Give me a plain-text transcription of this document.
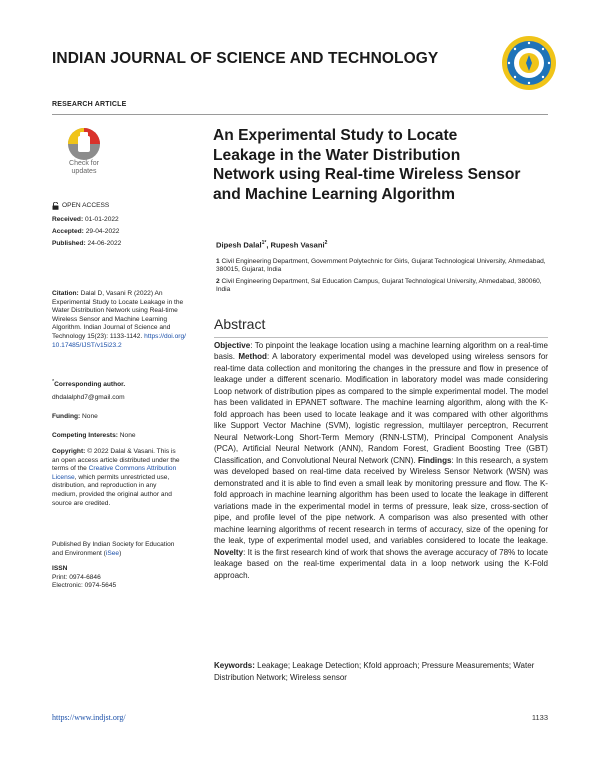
INDIAN JOURNAL OF SCIENCE AND TECHNOLOGY
RESEARCH ARTICLE
Check for
updates
OPEN ACCESS
Received: 01-01-2022
Accepted: 29-04-2022
Published: 24-06-2022
Citation: Dalal D, Vasani R (2022) An Experimental Study to Locate Leakage in the Water Distribution Network using Real-time Wireless Sensor and Machine Learning Algorithm. Indian Journal of Science and Technology 15(23): 1133-1142. https://doi.org/10.17485/IJST/v15i23.2
*Corresponding author.
dhdalalphd7@gmail.com
Funding: None
Competing Interests: None
Copyright: © 2022 Dalal & Vasani. This is an open access article distributed under the terms of the Creative Commons Attribution License, which permits unrestricted use, distribution, and reproduction in any medium, provided the original author and source are credited.
Published By Indian Society for Education and Environment (iSee)
ISSN
Print: 0974-6846
Electronic: 0974-5645
An Experimental Study to Locate Leakage in the Water Distribution Network using Real-time Wireless Sensor and Machine Learning Algorithm
Dipesh Dalal$^{1*}$, Rupesh Vasani$^2$
1 Civil Engineering Department, Government Polytechnic for Girls, Gujarat Technological University, Ahmedabad, 380015, Gujarat, India
2 Civil Engineering Department, Sal Education Campus, Gujarat Technological University, Ahmedabad, 380060, India
Abstract
Objective: To pinpoint the leakage location using a machine learning algorithm on a real-time basis. Method: A laboratory experimental model was developed using wireless sensors for real-time data collection and monitoring the changes in the pressure and flow in presence of leakage under a different scenario. Modification in laboratory model was made considering Loop network of distribution pipes as compared to the simple experimental model. The model has been validated in EPANET software. The machine learning algorithm, along with the K-fold approach has been used to locate leakage and it was compared with other algorithms like Support Vector Machine (SVM), logistic regression, multilayer perceptron, Recurrent Neural Network-Long Short-Term Memory (RNN-LSTM), Principal Component Analysis (PCA), Artificial Neural Network (ANN), Random Forest, Gradient Boosting Tree (GBT) Classification, and Convolutional Neural Network (CNN). Findings: In this research, a system was developed based on real-time data received by Wireless Sensor Network (WSN) was demonstrated and it is able to find even a small leak by monitoring pressure and flow. The K-fold approach in machine learning algorithm has been used to locate the leakage in different variations made in the experimental model in terms of pressure, leak size, cross-section of pipe, and profile level of the pipe network. A comparison was also presented with other machine learning algorithms of recent research in terms of accuracy, size of the opening for the leak, type of experimental model used, and variables considered to locate the leakage. Novelty: It is the first research kind of work that shows the average accuracy of 78% to locate leakage based on the real-time experimental data in a loop network using the K-Fold approach.
Keywords: Leakage; Leakage Detection; Kfold approach; Pressure Measurements; Water Distribution Network; Wireless sensor
https://www.indjst.org/	1133
